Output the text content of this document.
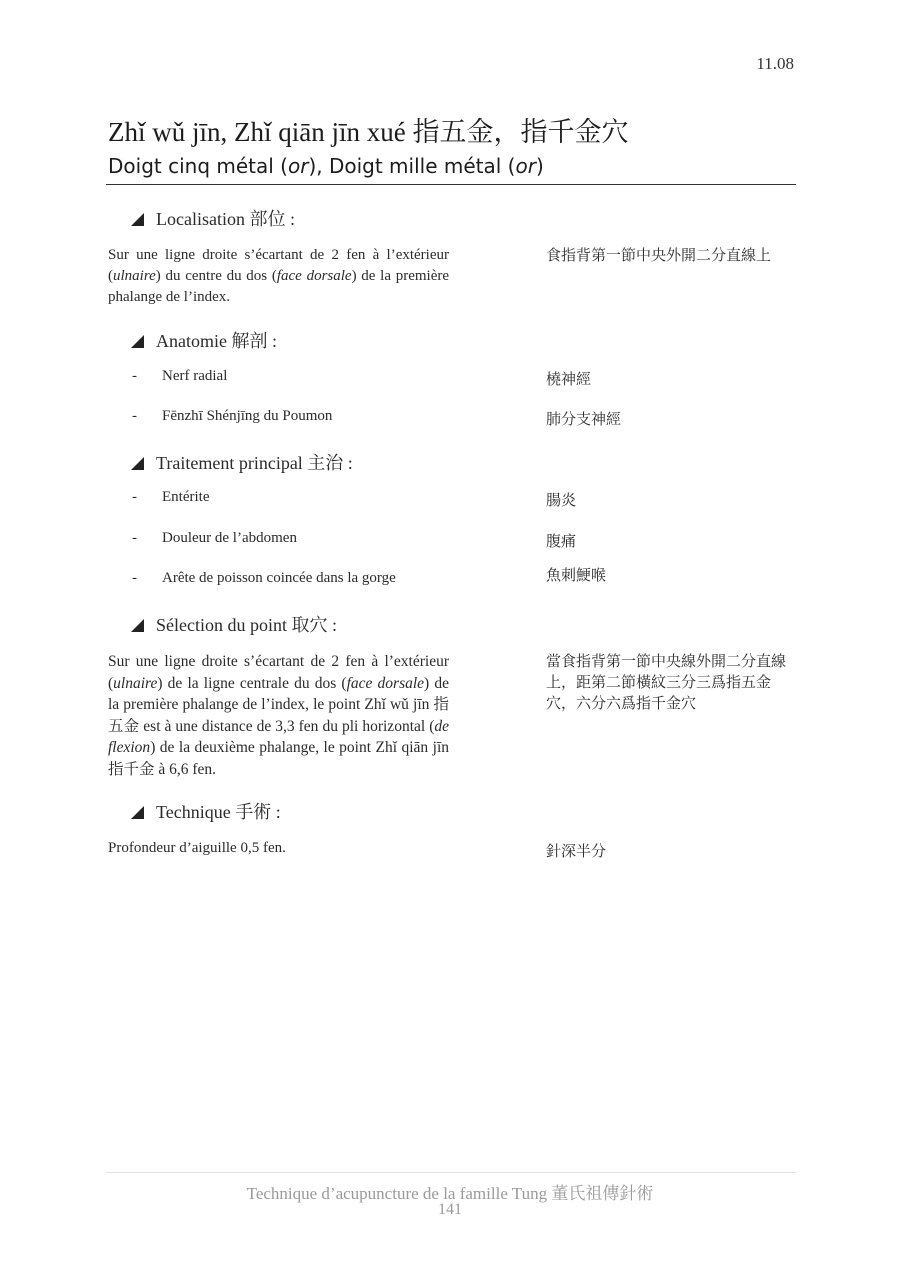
11.08
Zhǐ wǔ jīn, Zhǐ qiān jīn xué 指五金，指千金穴
Doigt cinq métal (or), Doigt mille métal (or)
Localisation 部位 :
Sur une ligne droite s’écartant de 2 fen à l’extérieur (ulnaire) du centre du dos (face dorsale) de la première phalange de l’index.
食指背第一節中央外開二分直線上
Anatomie 解剖 :
- Nerf radial	橈神經
- Fēnzhī Shénjīng du Poumon	肺分支神經
Traitement principal 主治 :
- Entérite	腸炎
- Douleur de l’abdomen	腹痛
- Arête de poisson coincée dans la gorge	魚刺鯁喉
Sélection du point 取穴 :
Sur une ligne droite s’écartant de 2 fen à l’extérieur (ulnaire) de la ligne centrale du dos (face dorsale) de la première phalange de l’index, le point Zhǐ wǔ jīn 指五金 est à une distance de 3,3 fen du pli horizontal (de flexion) de la deuxième phalange, le point Zhǐ qiān jīn 指千金 à 6,6 fen.
當食指背第一節中央線外開二分直線上，距第二節橫紋三分三爲指五金穴，六分六爲指千金穴
Technique 手術 :
Profondeur d’aiguille 0,5 fen.	針深半分
Technique d’acupuncture de la famille Tung 董氏祖傳針術
141
